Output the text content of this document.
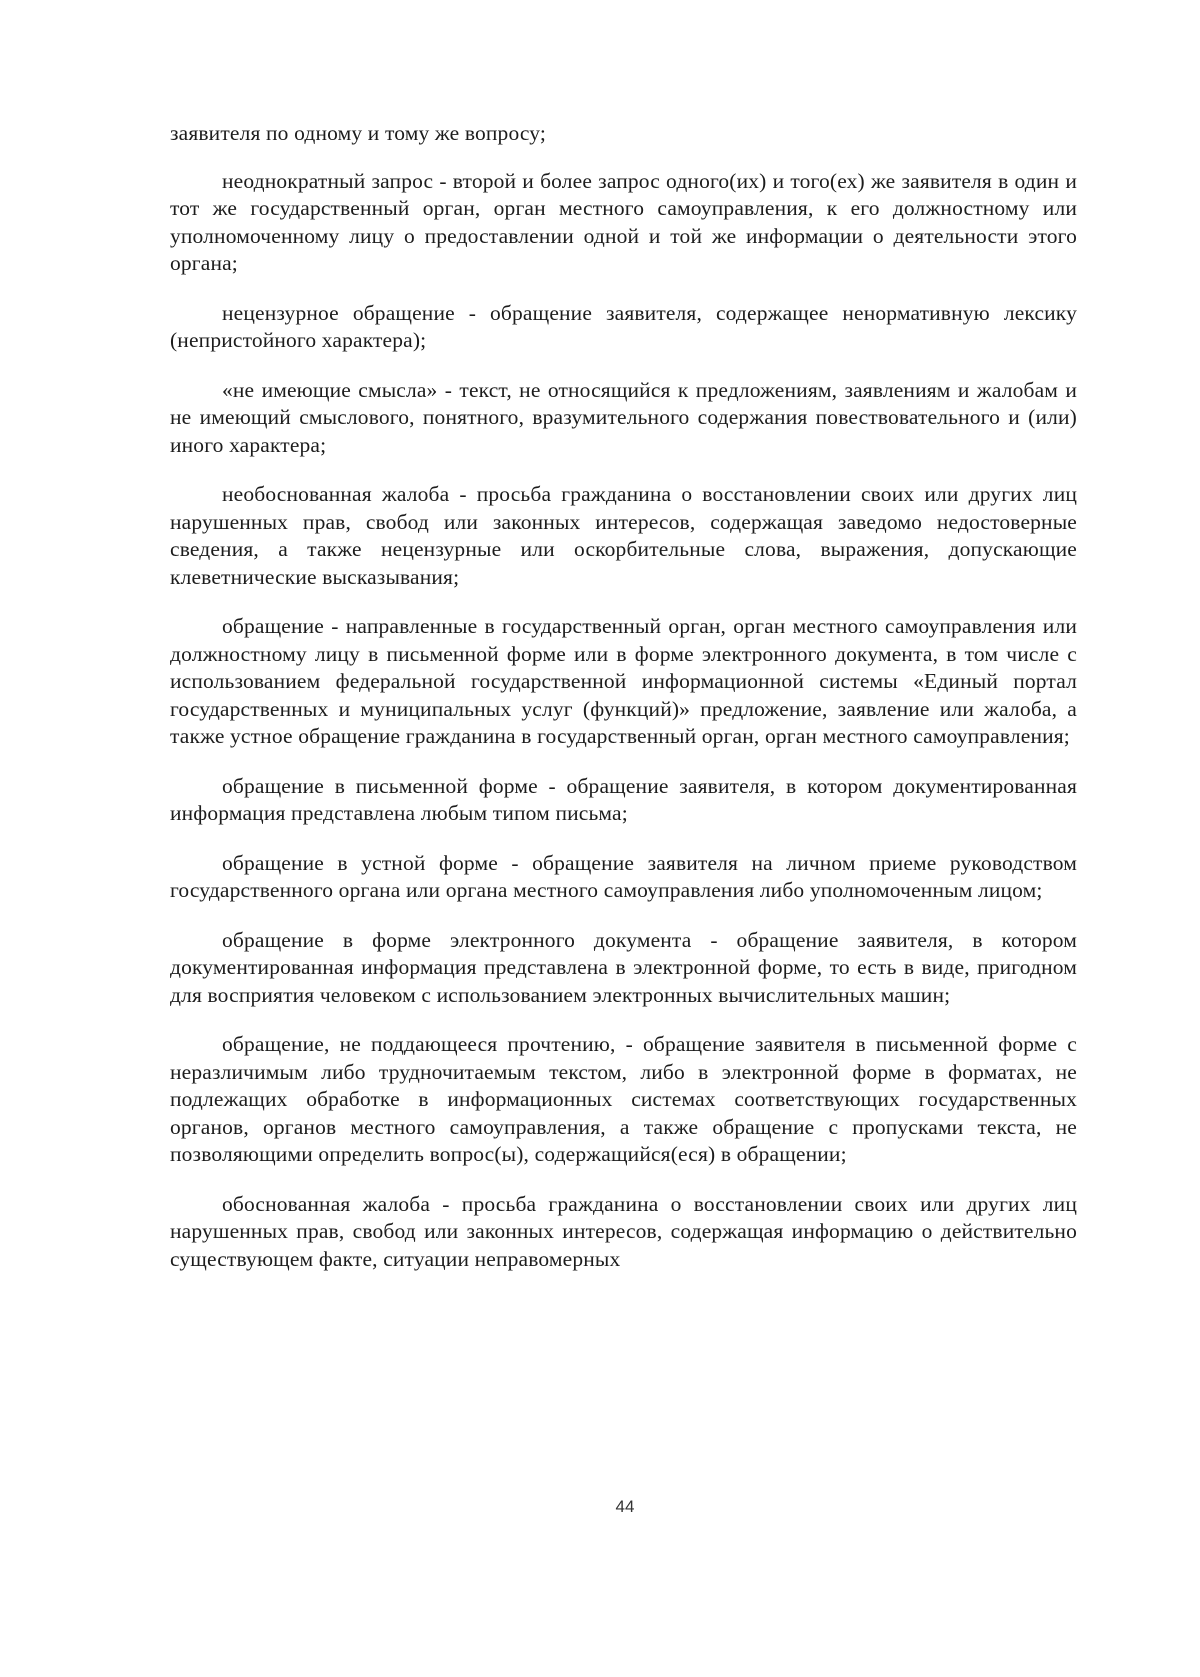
заявителя по одному и тому же вопросу;

неоднократный запрос - второй и более запрос одного(их) и того(ех) же заявителя в один и тот же государственный орган, орган местного самоуправления, к его должностному или уполномоченному лицу о предоставлении одной и той же информации о деятельности этого органа;

нецензурное обращение - обращение заявителя, содержащее ненормативную лексику (непристойного характера);

«не имеющие смысла» - текст, не относящийся к предложениям, заявлениям и жалобам и не имеющий смыслового, понятного, вразумительного содержания повествовательного и (или) иного характера;

необоснованная жалоба - просьба гражданина о восстановлении своих или других лиц нарушенных прав, свобод или законных интересов, содержащая заведомо недостоверные сведения, а также нецензурные или оскорбительные слова, выражения, допускающие клеветнические высказывания;

обращение - направленные в государственный орган, орган местного самоуправления или должностному лицу в письменной форме или в форме электронного документа, в том числе с использованием федеральной государственной информационной системы «Единый портал государственных и муниципальных услуг (функций)» предложение, заявление или жалоба, а также устное обращение гражданина в государственный орган, орган местного самоуправления;

обращение в письменной форме - обращение заявителя, в котором документированная информация представлена любым типом письма;

обращение в устной форме - обращение заявителя на личном приеме руководством государственного органа или органа местного самоуправления либо уполномоченным лицом;

обращение в форме электронного документа - обращение заявителя, в котором документированная информация представлена в электронной форме, то есть в виде, пригодном для восприятия человеком с использованием электронных вычислительных машин;

обращение, не поддающееся прочтению, - обращение заявителя в письменной форме с неразличимым либо трудночитаемым текстом, либо в электронной форме в форматах, не подлежащих обработке в информационных системах соответствующих государственных органов, органов местного самоуправления, а также обращение с пропусками текста, не позволяющими определить вопрос(ы), содержащийся(еся) в обращении;

обоснованная жалоба - просьба гражданина о восстановлении своих или других лиц нарушенных прав, свобод или законных интересов, содержащая информацию о действительно существующем факте, ситуации неправомерных

44
